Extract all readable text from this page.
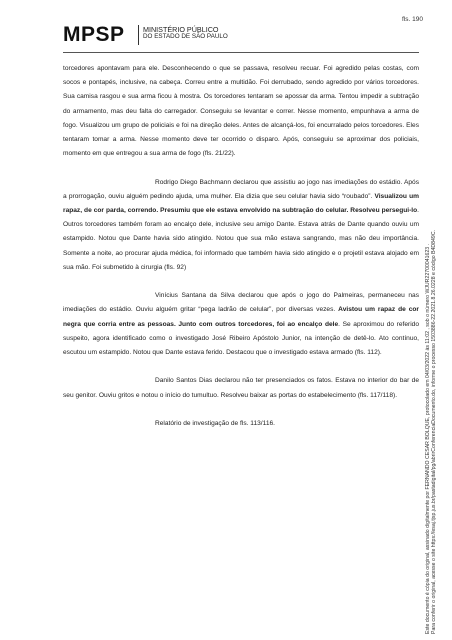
MPSP	MINISTÉRIO PÚBLICO
DO ESTADO DE SÃO PAULO
fls. 190

torcedores apontavam para ele. Desconhecendo o que se passava, resolveu recuar. Foi agredido pelas costas, com socos e pontapés, inclusive, na cabeça. Correu entre a multidão. Foi derrubado, sendo agredido por vários torcedores. Sua camisa rasgou e sua arma ficou à mostra. Os torcedores tentaram se apossar da arma. Tentou impedir a subtração do armamento, mas deu falta do carregador. Conseguiu se levantar e correr. Nesse momento, empunhava a arma de fogo. Visualizou um grupo de policiais e foi na direção deles. Antes de alcançá-los, foi encurralado pelos torcedores. Eles tentaram tomar a arma. Nesse momento deve ter ocorrido o disparo. Após, conseguiu se aproximar dos policiais, momento em que entregou a sua arma de fogo (fls. 21/22).

Rodrigo Diego Bachmann declarou que assistiu ao jogo nas imediações do estádio. Após a prorrogação, ouviu alguém pedindo ajuda, uma mulher. Ela dizia que seu celular havia sido “roubado”. Visualizou um rapaz, de cor parda, correndo. Presumiu que ele estava envolvido na subtração do celular. Resolveu persegui-lo. Outros torcedores também foram ao encalço dele, inclusive seu amigo Dante. Estava atrás de Dante quando ouviu um estampido. Notou que Dante havia sido atingido. Notou que sua mão estava sangrando, mas não deu importância. Somente a noite, ao procurar ajuda médica, foi informado que também havia sido atingido e o projetil estava alojado em sua mão. Foi submetido à cirurgia (fls. 92)

Vinícius Santana da Silva declarou que após o jogo do Palmeiras, permaneceu nas imediações do estádio. Ouviu alguém gritar “pega ladrão de celular”, por diversas vezes. Avistou um rapaz de cor negra que corria entre as pessoas. Junto com outros torcedores, foi ao encalço dele. Se aproximou do referido suspeito, agora identificado como o investigado José Ribeiro Apóstolo Junior, na intenção de detê-lo. Ato contínuo, escutou um estampido. Notou que Dante estava ferido. Destacou que o investigado estava armado (fls. 112).

Danilo Santos Dias declarou não ter presenciados os fatos. Estava no interior do bar de seu genitor. Ouviu gritos e notou o início do tumultuo. Resolveu baixar as portas do estabelecimento (fls. 117/118).

Relatório de investigação de fls. 113/116.	Este documento é cópia do original, assinado digitalmente por FERNANDO CESAR BOLQUE, protocolado em 04/03/2022 às 11:02 , sob o número WJUR22700041623 . Para conferir o original, acesse o site https://esaj.tjsp.jus.br/pastadigital/pg/abrirConferenciaDocumento.do, informe o processo 1503886-22.2021.8.26.0228 e código B4D849C.
